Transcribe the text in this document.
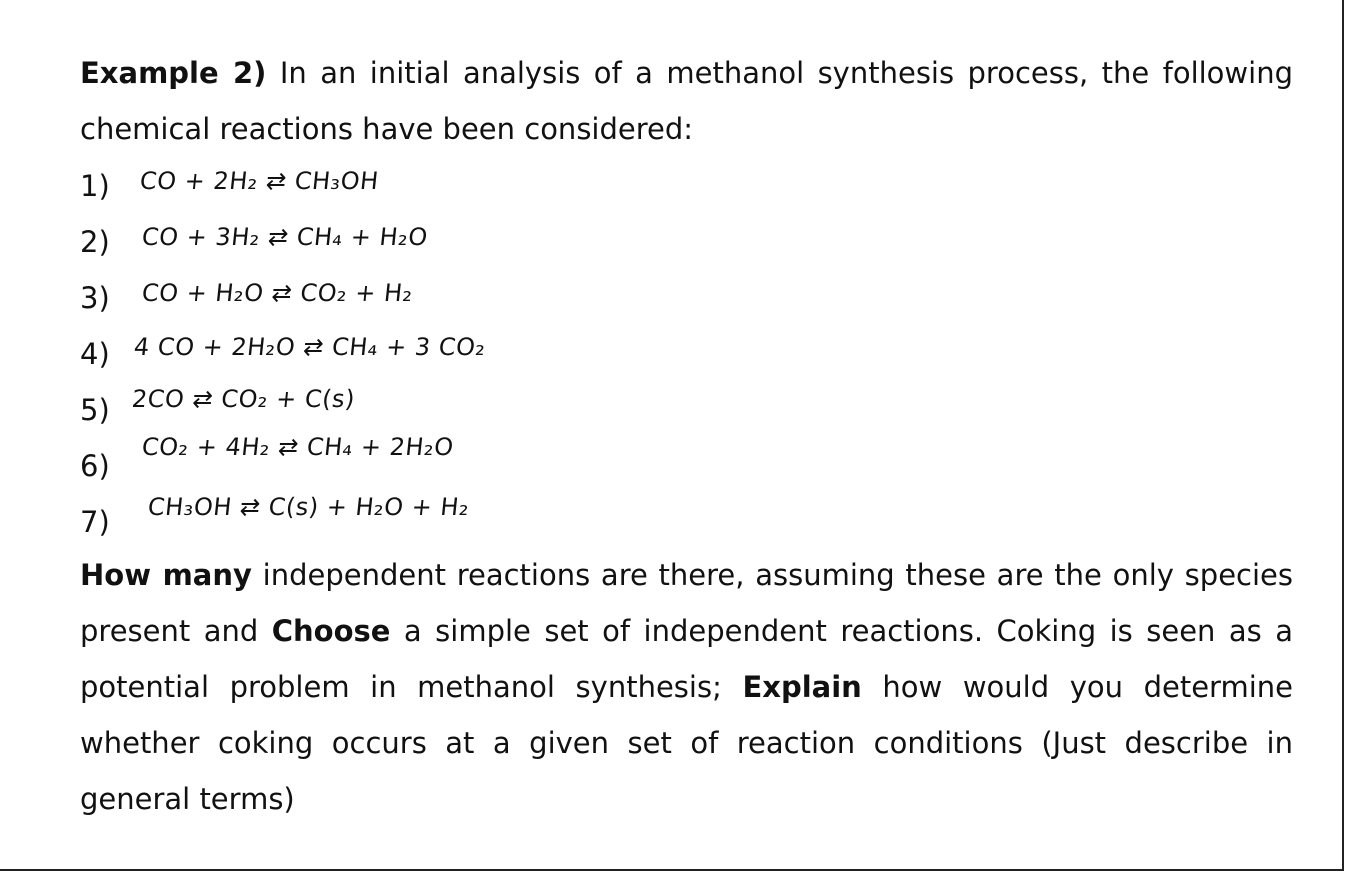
Example 2) In an initial analysis of a methanol synthesis process, the following chemical reactions have been considered:

1) CO + 2H₂ ⇄ CH₃OH
2) CO + 3H₂ ⇄ CH₄ + H₂O
3) CO + H₂O ⇄ CO₂ + H₂
4) 4 CO + 2H₂O ⇄ CH₄ + 3 CO₂
5) 2CO ⇄ CO₂ + C(s)
6)
CO₂ + 4H₂ ⇄ CH₄ + 2H₂O
7) CH₃OH ⇄ C(s) + H₂O + H₂

How many independent reactions are there, assuming these are the only species present and Choose a simple set of independent reactions. Coking is seen as a potential problem in methanol synthesis; Explain how would you determine whether coking occurs at a given set of reaction conditions (Just describe in general terms)
